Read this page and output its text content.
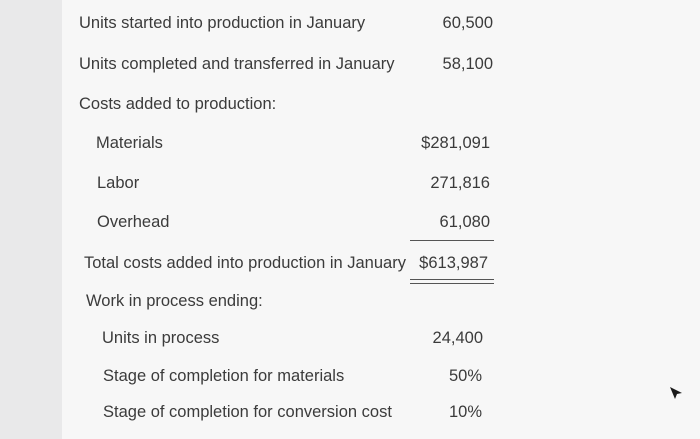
Units started into production in January	60,500
Units completed and transferred in January	58,100
Costs added to production:
Materials	$281,091
Labor	271,816
Overhead	61,080
Total costs added into production in January $613,987
Work in process ending:
Units in process	24,400
Stage of completion for materials	50%
Stage of completion for conversion cost	10%
